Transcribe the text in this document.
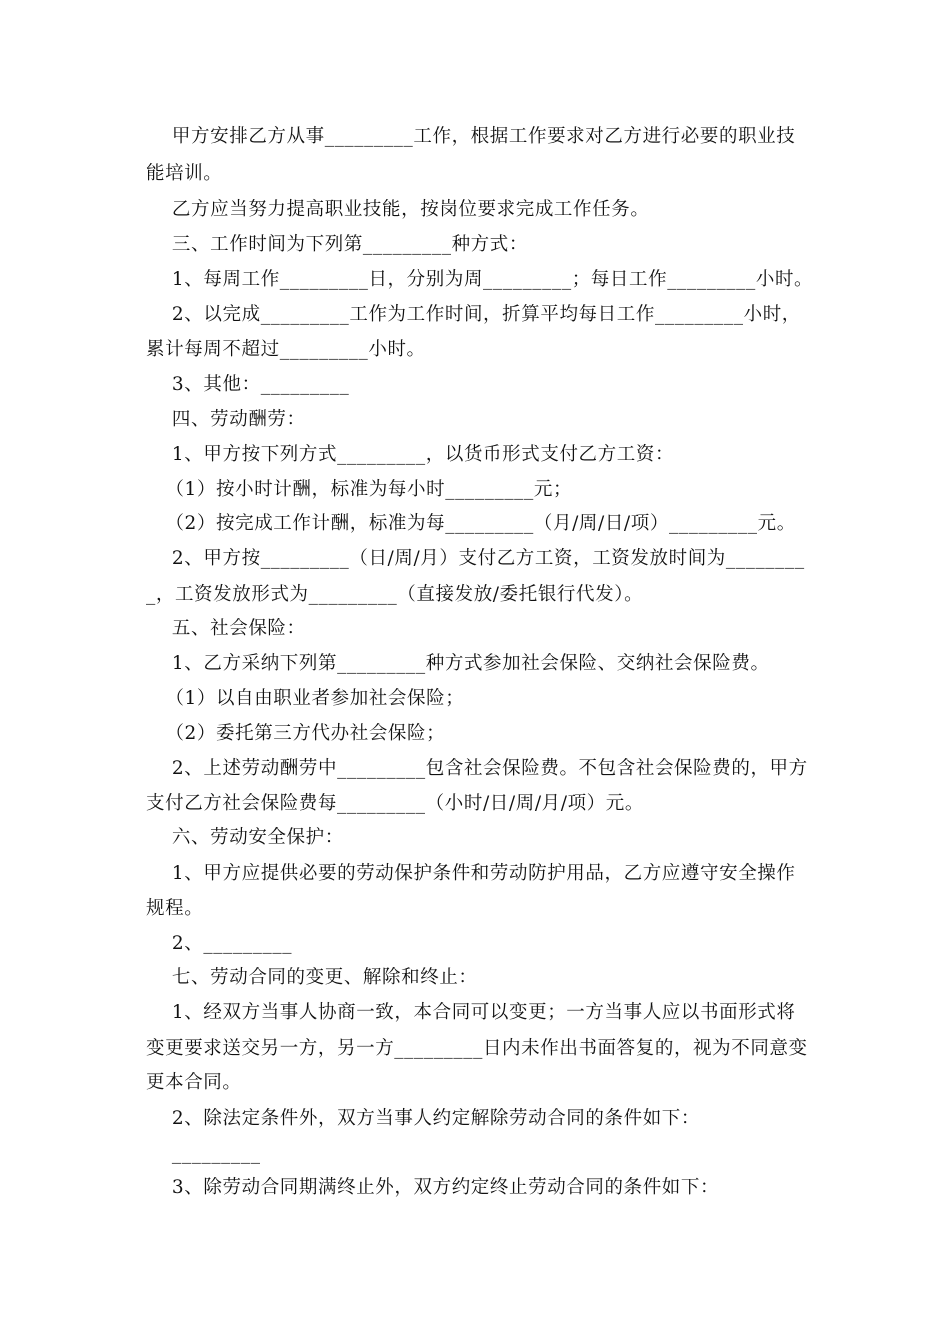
甲方安排乙方从事_________工作，根据工作要求对乙方进行必要的职业技
能培训。
乙方应当努力提高职业技能，按岗位要求完成工作任务。
三、工作时间为下列第_________种方式：
1、每周工作_________日，分别为周_________；每日工作_________小时。
2、以完成_________工作为工作时间，折算平均每日工作_________小时，
累计每周不超过_________小时。
3、其他：_________
四、劳动酬劳：
1、甲方按下列方式_________，以货币形式支付乙方工资：
（1）按小时计酬，标准为每小时_________元；
（2）按完成工作计酬，标准为每_________（月/周/日/项）_________元。
2、甲方按_________（日/周/月）支付乙方工资，工资发放时间为________
_，工资发放形式为_________（直接发放/委托银行代发）。
五、社会保险：
1、乙方采纳下列第_________种方式参加社会保险、交纳社会保险费。
（1）以自由职业者参加社会保险；
（2）委托第三方代办社会保险；
2、上述劳动酬劳中_________包含社会保险费。不包含社会保险费的，甲方
支付乙方社会保险费每_________（小时/日/周/月/项）元。
六、劳动安全保护：
1、甲方应提供必要的劳动保护条件和劳动防护用品，乙方应遵守安全操作
规程。
2、_________
七、劳动合同的变更、解除和终止：
1、经双方当事人协商一致，本合同可以变更；一方当事人应以书面形式将
变更要求送交另一方，另一方_________日内未作出书面答复的，视为不同意变
更本合同。
2、除法定条件外，双方当事人约定解除劳动合同的条件如下：
_________
3、除劳动合同期满终止外，双方约定终止劳动合同的条件如下：
